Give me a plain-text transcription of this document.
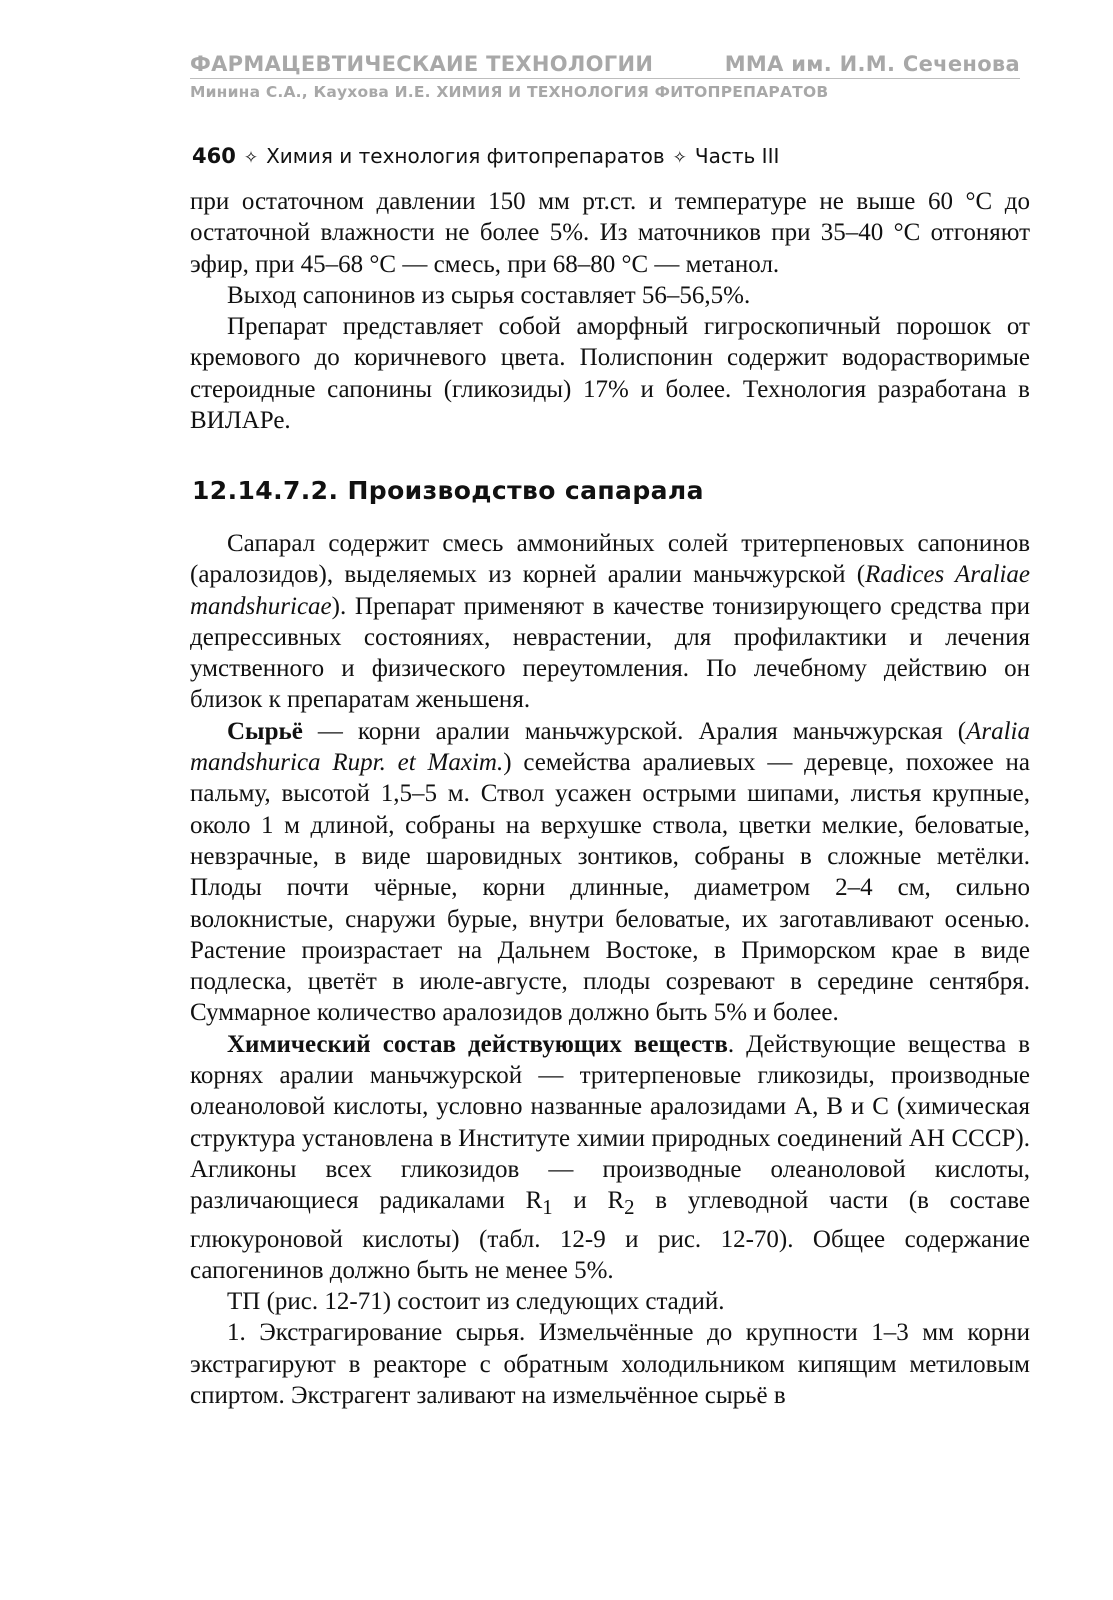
ФАРМАЦЕВТИЧЕСКАИЕ ТЕХНОЛОГИИ	ММА им. И.М. Сеченова
Минина С.А., Каухова И.Е. ХИМИЯ И ТЕХНОЛОГИЯ ФИТОПРЕПАРАТОВ
460 ✧ Химия и технология фитопрепаратов ✧ Часть III

при остаточном давлении 150 мм рт.ст. и температуре не выше 60 °С до остаточной влажности не более 5%. Из маточников при 35–40 °С отгоняют эфир, при 45–68 °С — смесь, при 68–80 °С — метанол.

Выход сапонинов из сырья составляет 56–56,5%.

Препарат представляет собой аморфный гигроскопичный порошок от кремового до коричневого цвета. Полиспонин содержит водорастворимые стероидные сапонины (гликозиды) 17% и более. Технология разработана в ВИЛАРе.

12.14.7.2. Производство сапарала

Сапарал содержит смесь аммонийных солей тритерпеновых сапонинов (аралозидов), выделяемых из корней аралии маньчжурской (Radices Araliae mandshuricae). Препарат применяют в качестве тонизирующего средства при депрессивных состояниях, неврастении, для профилактики и лечения умственного и физического переутомления. По лечебному действию он близок к препаратам женьшеня.

Сырьё — корни аралии маньчжурской. Аралия маньчжурская (Aralia mandshurica Rupr. et Maxim.) семейства аралиевых — деревце, похожее на пальму, высотой 1,5–5 м. Ствол усажен острыми шипами, листья крупные, около 1 м длиной, собраны на верхушке ствола, цветки мелкие, беловатые, невзрачные, в виде шаровидных зонтиков, собраны в сложные метёлки. Плоды почти чёрные, корни длинные, диаметром 2–4 см, сильно волокнистые, снаружи бурые, внутри беловатые, их заготавливают осенью. Растение произрастает на Дальнем Востоке, в Приморском крае в виде подлеска, цветёт в июле-августе, плоды созревают в середине сентября. Суммарное количество аралозидов должно быть 5% и более.

Химический состав действующих веществ. Действующие вещества в корнях аралии маньчжурской — тритерпеновые гликозиды, производные олеаноловой кислоты, условно названные аралозидами А, В и С (химическая структура установлена в Институте химии природных соединений АН СССР). Агликоны всех гликозидов — производные олеаноловой кислоты, различающиеся радикалами $R_1$ и $R_2$ в углеводной части (в составе глюкуроновой кислоты) (табл. 12-9 и рис. 12-70). Общее содержание сапогенинов должно быть не менее 5%.

ТП (рис. 12-71) состоит из следующих стадий.

1. Экстрагирование сырья. Измельчённые до крупности 1–3 мм корни экстрагируют в реакторе с обратным холодильником кипящим метиловым спиртом. Экстрагент заливают на измельчённое сырьё в
